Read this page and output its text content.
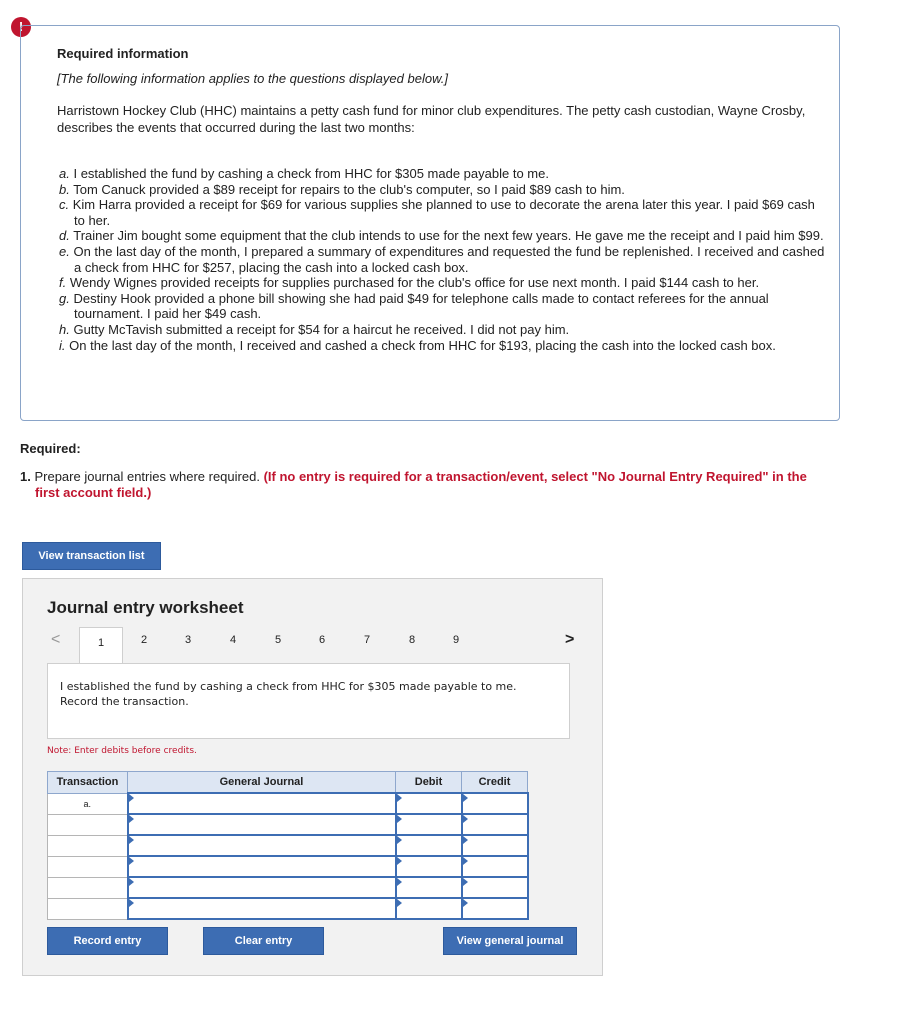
!
Required information
[The following information applies to the questions displayed below.]
Harristown Hockey Club (HHC) maintains a petty cash fund for minor club expenditures. The petty cash custodian, Wayne Crosby, describes the events that occurred during the last two months:
a. I established the fund by cashing a check from HHC for $305 made payable to me.
b. Tom Canuck provided a $89 receipt for repairs to the club's computer, so I paid $89 cash to him.
c. Kim Harra provided a receipt for $69 for various supplies she planned to use to decorate the arena later this year. I paid $69 cash to her.
d. Trainer Jim bought some equipment that the club intends to use for the next few years. He gave me the receipt and I paid him $99.
e. On the last day of the month, I prepared a summary of expenditures and requested the fund be replenished. I received and cashed a check from HHC for $257, placing the cash into a locked cash box.
f. Wendy Wignes provided receipts for supplies purchased for the club's office for use next month. I paid $144 cash to her.
g. Destiny Hook provided a phone bill showing she had paid $49 for telephone calls made to contact referees for the annual tournament. I paid her $49 cash.
h. Gutty McTavish submitted a receipt for $54 for a haircut he received. I did not pay him.
i. On the last day of the month, I received and cashed a check from HHC for $193, placing the cash into the locked cash box.
Required:
1. Prepare journal entries where required. (If no entry is required for a transaction/event, select "No Journal Entry Required" in the
first account field.)
View transaction list
Journal entry worksheet
<	1	2	3	4	5	6	7	8	9	>
I established the fund by cashing a check from HHC for $305 made payable to me. Record the transaction.
Note: Enter debits before credits.
Transaction	General Journal	Debit	Credit
a.	

Record entry	Clear entry	View general journal
